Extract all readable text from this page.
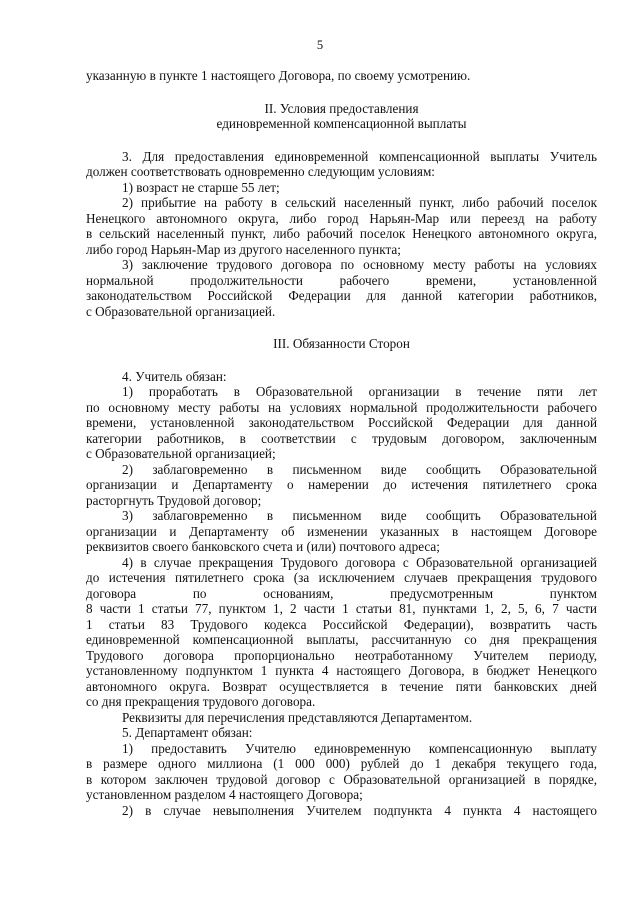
5

указанную в пункте 1 настоящего Договора, по своему усмотрению.

II. Условия предоставления

единовременной компенсационной выплаты

3. Для предоставления единовременной компенсационной выплаты Учитель

должен соответствовать одновременно следующим условиям:

1) возраст не старше 55 лет;

2) прибытие на работу в сельский населенный пункт, либо рабочий поселок

Ненецкого автономного округа, либо город Нарьян-Мар или переезд на работу

в сельский населенный пункт, либо рабочий поселок Ненецкого автономного округа,

либо город Нарьян-Мар из другого населенного пункта;

3) заключение трудового договора по основному месту работы на условиях

нормальной продолжительности рабочего времени, установленной

законодательством Российской Федерации для данной категории работников,

с Образовательной организацией.

III. Обязанности Сторон

4. Учитель обязан:

1) проработать в Образовательной организации в течение пяти лет

по основному месту работы на условиях нормальной продолжительности рабочего

времени, установленной законодательством Российской Федерации для данной

категории работников, в соответствии с трудовым договором, заключенным

с Образовательной организацией;

2) заблаговременно в письменном виде сообщить Образовательной

организации и Департаменту о намерении до истечения пятилетнего срока

расторгнуть Трудовой договор;

3) заблаговременно в письменном виде сообщить Образовательной

организации и Департаменту об изменении указанных в настоящем Договоре

реквизитов своего банковского счета и (или) почтового адреса;

4) в случае прекращения Трудового договора с Образовательной организацией

до истечения пятилетнего срока (за исключением случаев прекращения трудового

договора по основаниям, предусмотренным пунктом

8 части 1 статьи 77, пунктом 1, 2 части 1 статьи 81, пунктами 1, 2, 5, 6, 7 части

1 статьи 83 Трудового кодекса Российской Федерации), возвратить часть

единовременной компенсационной выплаты, рассчитанную со дня прекращения

Трудового договора пропорционально неотработанному Учителем периоду,

установленному подпунктом 1 пункта 4 настоящего Договора, в бюджет Ненецкого

автономного округа. Возврат осуществляется в течение пяти банковских дней

со дня прекращения трудового договора.

Реквизиты для перечисления представляются Департаментом.

5. Департамент обязан:

1) предоставить Учителю единовременную компенсационную выплату

в размере одного миллиона (1 000 000) рублей до 1 декабря текущего года,

в котором заключен трудовой договор с Образовательной организацией в порядке,

установленном разделом 4 настоящего Договора;

2) в случае невыполнения Учителем подпункта 4 пункта 4 настоящего
